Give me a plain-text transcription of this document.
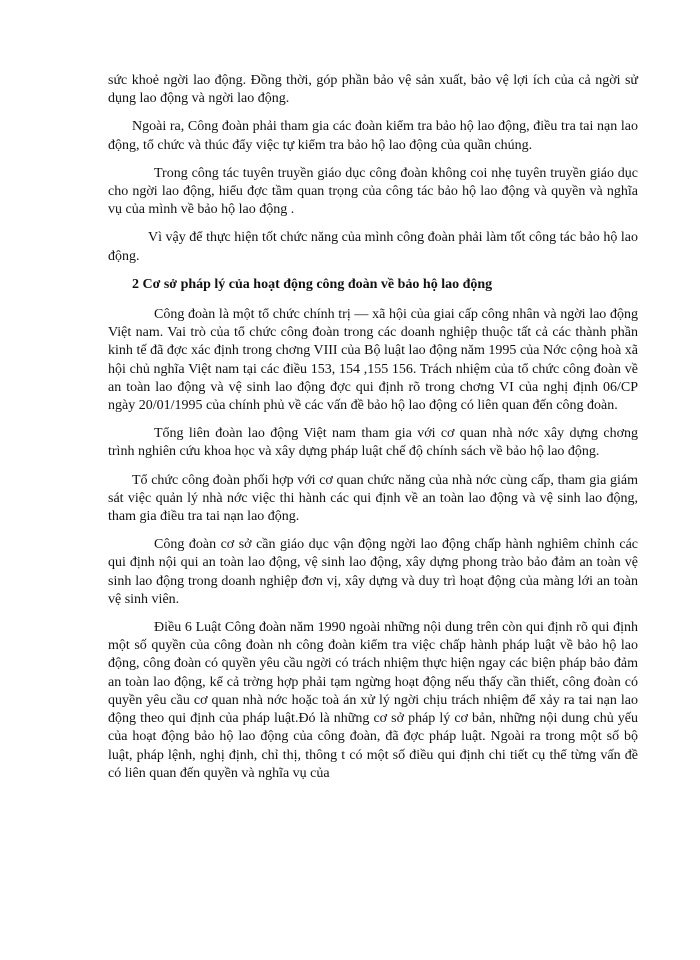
sức khoẻ ngời lao động. Đồng thời, góp phần bảo vệ sản xuất, bảo vệ lợi ích của cả ngời sử dụng lao động và ngời lao động.

Ngoài ra, Công đoàn phải tham gia các đoàn kiểm tra bảo hộ lao động, điều tra tai nạn lao động, tổ chức và thúc đẩy việc tự kiểm tra bảo hộ lao động của quần chúng.

Trong công tác tuyên truyền giáo dục công đoàn không coi nhẹ tuyên truyền giáo dục cho ngời lao động, hiểu đợc tầm quan trọng của công tác bảo hộ lao động và quyền và nghĩa vụ của mình về bảo hộ lao động .

Vì vậy để thực hiện tốt chức năng của mình công đoàn phải làm tốt công tác bảo hộ lao động.

2 Cơ sở pháp lý của hoạt động công đoàn về bảo hộ lao động

Công đoàn là một tổ chức chính trị — xã hội của giai cấp công nhân và ngời lao động Việt nam. Vai trò của tổ chức công đoàn trong các doanh nghiệp thuộc tất cả các thành phần kinh tế đã đợc xác định trong chơng VIII của Bộ luật lao động năm 1995 của Nớc cộng hoà xã hội chủ nghĩa Việt nam tại các điều 153, 154 ,155 156. Trách nhiệm của tổ chức công đoàn về an toàn lao động và vệ sinh lao động đợc qui định rõ trong chơng VI của nghị định 06/CP ngày 20/01/1995 của chính phủ về các vấn đề bảo hộ lao động có liên quan đến công đoàn.

Tổng liên đoàn lao động Việt nam tham gia với cơ quan nhà nớc xây dựng chơng trình nghiên cứu khoa học và xây dựng pháp luật chế độ chính sách về bảo hộ lao động.

Tổ chức công đoàn phối hợp với cơ quan chức năng của nhà nớc cùng cấp, tham gia giám sát việc quản lý nhà nớc việc thi hành các qui định về an toàn lao động và vệ sinh lao động, tham gia điều tra tai nạn lao động.

Công đoàn cơ sở cần giáo dục vận động ngời lao động chấp hành nghiêm chỉnh các qui định nội qui an toàn lao động, vệ sinh lao động, xây dựng phong trào bảo đảm an toàn vệ sinh lao động trong doanh nghiệp đơn vị, xây dựng và duy trì hoạt động của màng lới an toàn vệ sinh viên.

Điều 6 Luật Công đoàn năm 1990 ngoài những nội dung trên còn qui định rõ qui định một số quyền của công đoàn nh công đoàn kiểm tra việc chấp hành pháp luật về bảo hộ lao động, công đoàn có quyền yêu cầu ngời có trách nhiệm thực hiện ngay các biện pháp bảo đảm an toàn lao động, kể cả trờng hợp phải tạm ngừng hoạt động nếu thấy cần thiết, công đoàn có quyền yêu cầu cơ quan nhà nớc hoặc toà án xử lý ngời chịu trách nhiệm để xảy ra tai nạn lao động theo qui định của pháp luật.Đó là những cơ sở pháp lý cơ bản, những nội dung chủ yếu của hoạt động bảo hộ lao động của công đoàn, đã đợc pháp luật. Ngoài ra trong một số bộ luật, pháp lệnh, nghị định, chỉ thị, thông t có một số điều qui định chi tiết cụ thể từng vấn đề có liên quan đến quyền và nghĩa vụ của
